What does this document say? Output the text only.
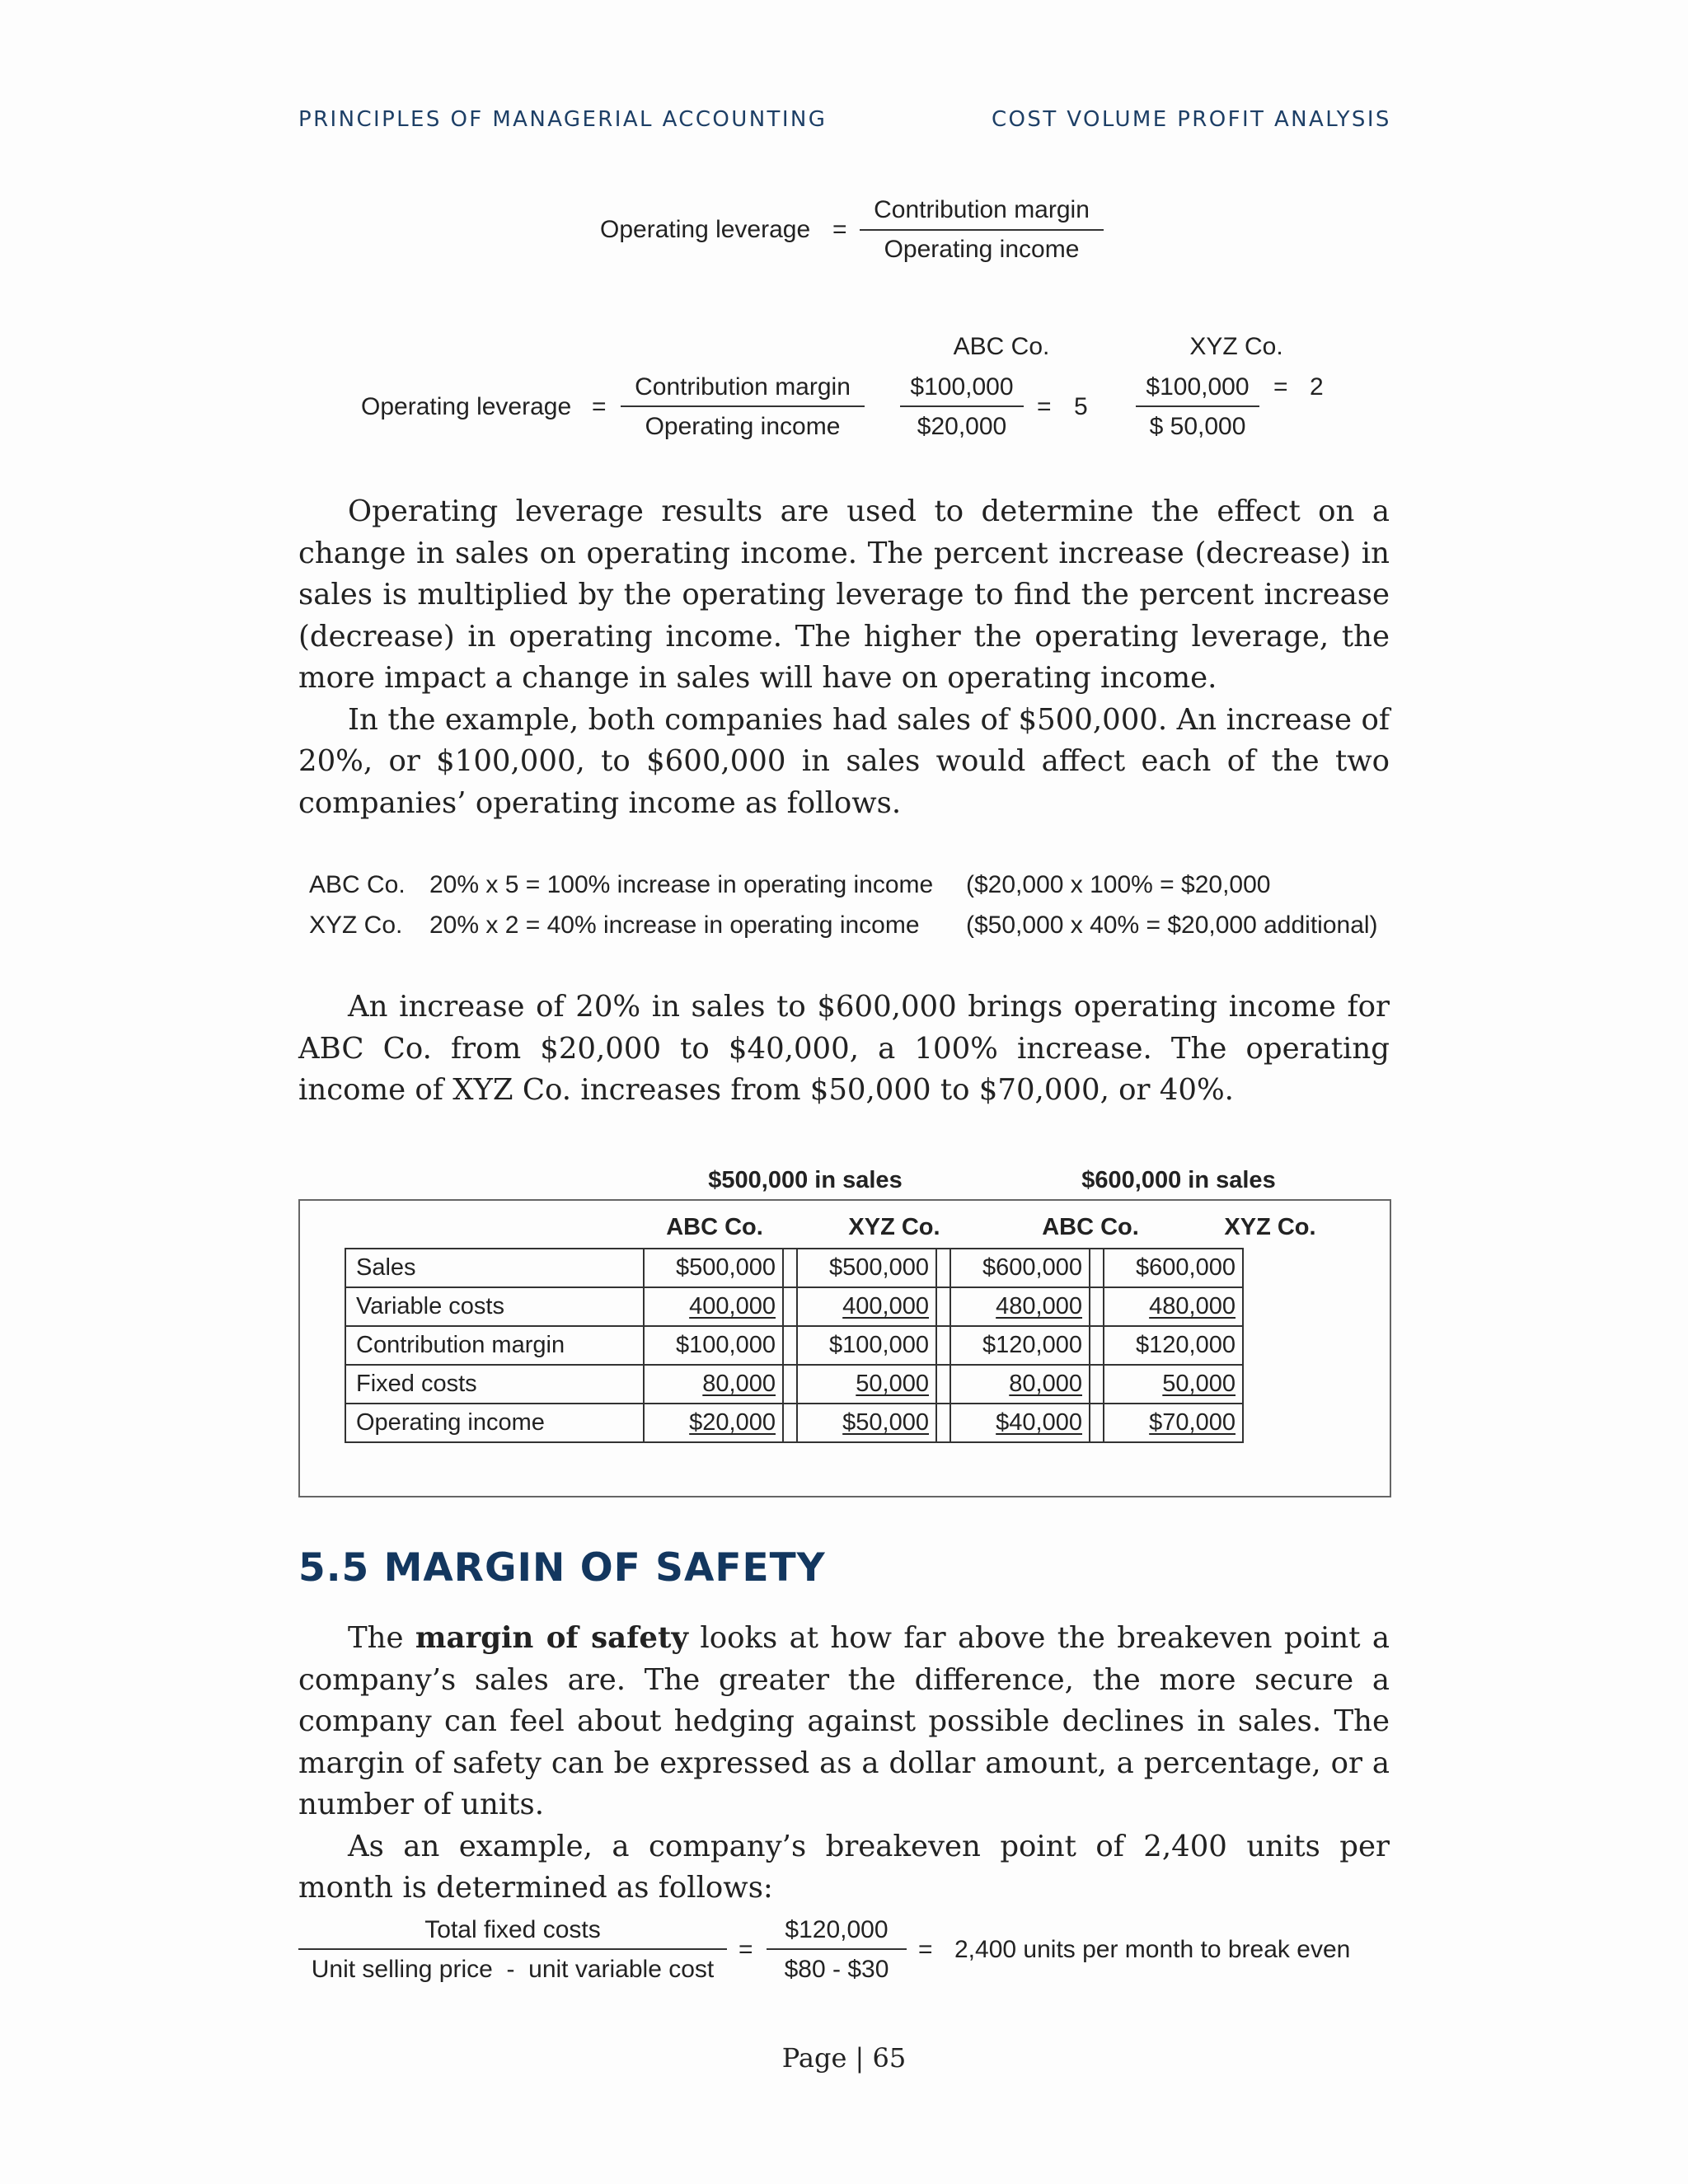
PRINCIPLES OF MANAGERIAL ACCOUNTING	COST VOLUME PROFIT ANALYSIS
Operating leverage =
Contribution margin
Operating income
ABC Co.	XYZ Co.
Operating leverage =
Contribution margin
Operating income
$100,000
$20,000
= 5
$100,000
$ 50,000
= 2

Operating leverage results are used to determine the effect on a change in sales on operating income. The percent increase (decrease) in sales is multiplied by the operating leverage to find the percent increase (decrease) in operating income. The higher the operating leverage, the more impact a change in sales will have on operating income.

In the example, both companies had sales of $500,000. An increase of 20%, or $100,000, to $600,000 in sales would affect each of the two companies’ operating income as follows.

ABC Co. 20% x 5 = 100% increase in operating income ($20,000 x 100% = $20,000
XYZ Co. 20% x 2 = 40% increase in operating income ($50,000 x 40% = $20,000 additional)

An increase of 20% in sales to $600,000 brings operating income for ABC Co. from $20,000 to $40,000, a 100% increase. The operating income of XYZ Co. increases from $50,000 to $70,000, or 40%.

$500,000 in sales	$600,000 in sales
ABC Co.	XYZ Co.	ABC Co.	XYZ Co.
Sales	$500,000		$500,000		$600,000		$600,000
Variable costs	400,000		400,000		480,000		480,000
Contribution margin	$100,000		$100,000		$120,000		$120,000
Fixed costs	80,000		50,000		80,000		50,000
Operating income	$20,000		$50,000		$40,000		$70,000
5.5 MARGIN OF SAFETY

The margin of safety looks at how far above the breakeven point a company’s sales are. The greater the difference, the more secure a company can feel about hedging against possible declines in sales. The margin of safety can be expressed as a dollar amount, a percentage, or a number of units.

As an example, a company’s breakeven point of 2,400 units per month is determined as follows:

Total fixed costs
Unit selling price  -  unit variable cost
=
$120,000
$80 - $30
= 2,400 units per month to break even
Page | 65
